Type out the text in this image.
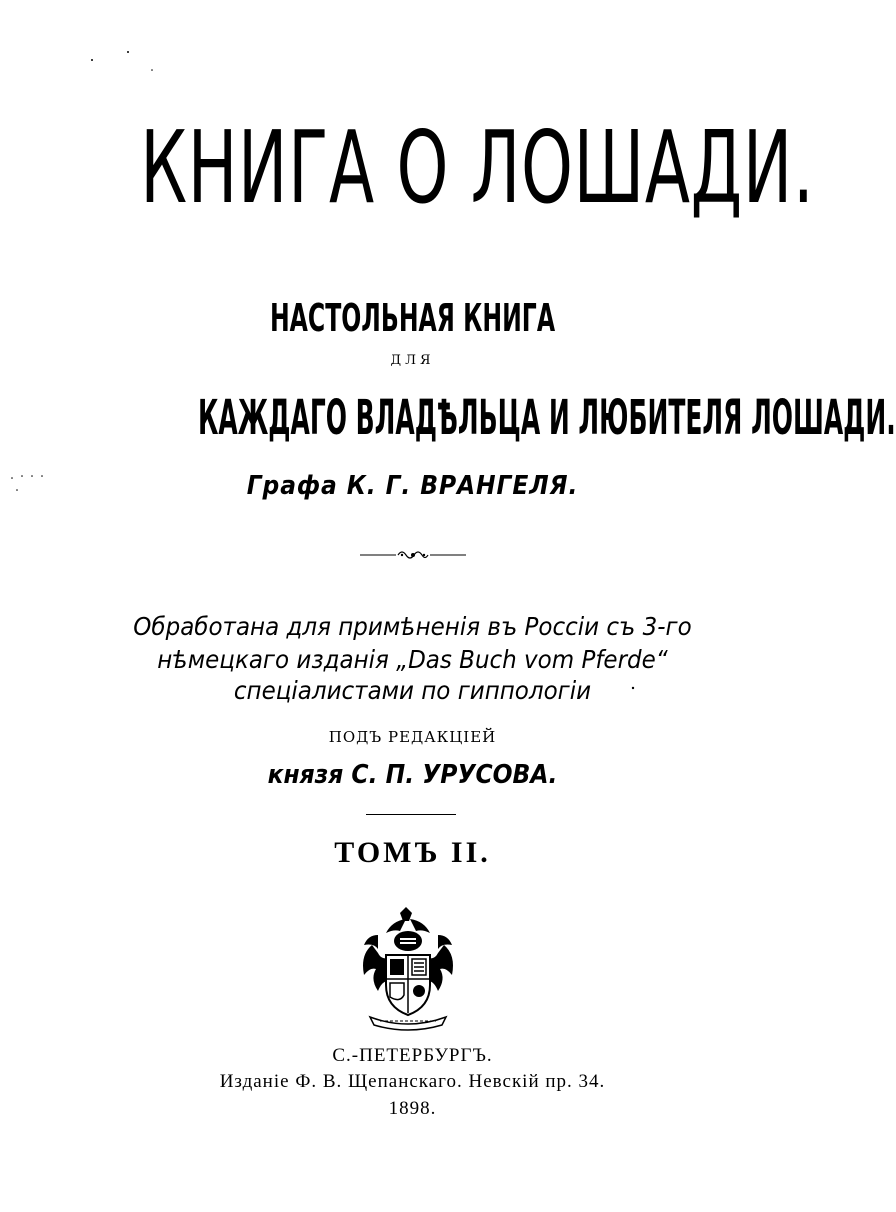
КНИГА О ЛОШАДИ.
НАСТОЛЬНАЯ КНИГА
ДЛЯ
КАЖДАГО ВЛАДѢЛЬЦА И ЛЮБИТЕЛЯ ЛОШАДИ.
Графа К. Г. ВРАНГЕЛЯ.
Обработана для примѣненія въ Россіи съ 3-го
нѣмецкаго изданія „Das Buch vom Pferde“
спеціалистами по гиппологіи
ПОДЪ РЕДАКЦІЕЙ
князя С. П. УРУСОВА.
ТОМЪ II.
С.-ПЕТЕРБУРГЪ.
Изданіе Ф. В. Щепанскаго. Невскій пр. 34.
1898.
